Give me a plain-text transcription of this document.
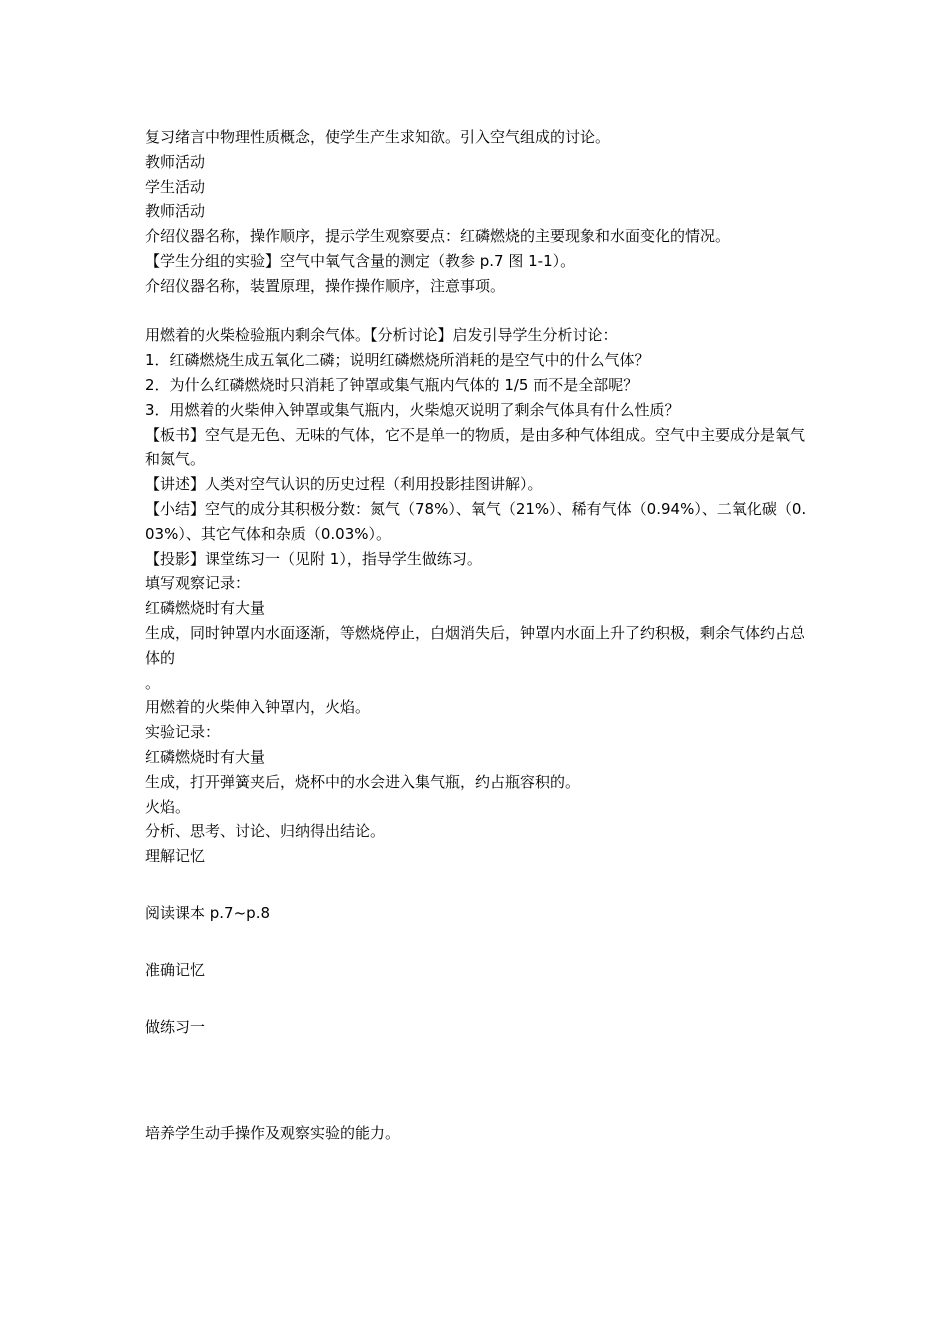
复习绪言中物理性质概念，使学生产生求知欲。引入空气组成的讨论。
教师活动
学生活动
教师活动
介绍仪器名称，操作顺序，提示学生观察要点：红磷燃烧的主要现象和水面变化的情况。
【学生分组的实验】空气中氧气含量的测定（教参 p.7 图 1-1）。
介绍仪器名称，装置原理，操作操作顺序，注意事项。
用燃着的火柴检验瓶内剩余气体。【分析讨论】启发引导学生分析讨论：
1．红磷燃烧生成五氧化二磷；说明红磷燃烧所消耗的是空气中的什么气体？
2．为什么红磷燃烧时只消耗了钟罩或集气瓶内气体的 1/5 而不是全部呢？
3．用燃着的火柴伸入钟罩或集气瓶内，火柴熄灭说明了剩余气体具有什么性质？
【板书】空气是无色、无味的气体，它不是单一的物质，是由多种气体组成。空气中主要成分是氧气和氮气。
【讲述】人类对空气认识的历史过程（利用投影挂图讲解）。
【小结】空气的成分其积极分数：氮气（78%）、氧气（21%）、稀有气体（0.94%）、二氧化碳（0.03%）、其它气体和杂质（0.03%）。
【投影】课堂练习一（见附 1），指导学生做练习。
填写观察记录：
红磷燃烧时有大量
生成，同时钟罩内水面逐渐，等燃烧停止，白烟消失后，钟罩内水面上升了约积极，剩余气体约占总体的
。
用燃着的火柴伸入钟罩内，火焰。
实验记录：
红磷燃烧时有大量
生成，打开弹簧夹后，烧杯中的水会进入集气瓶，约占瓶容积的。
火焰。
分析、思考、讨论、归纳得出结论。
理解记忆
阅读课本 p.7~p.8
准确记忆
做练习一
培养学生动手操作及观察实验的能力。
